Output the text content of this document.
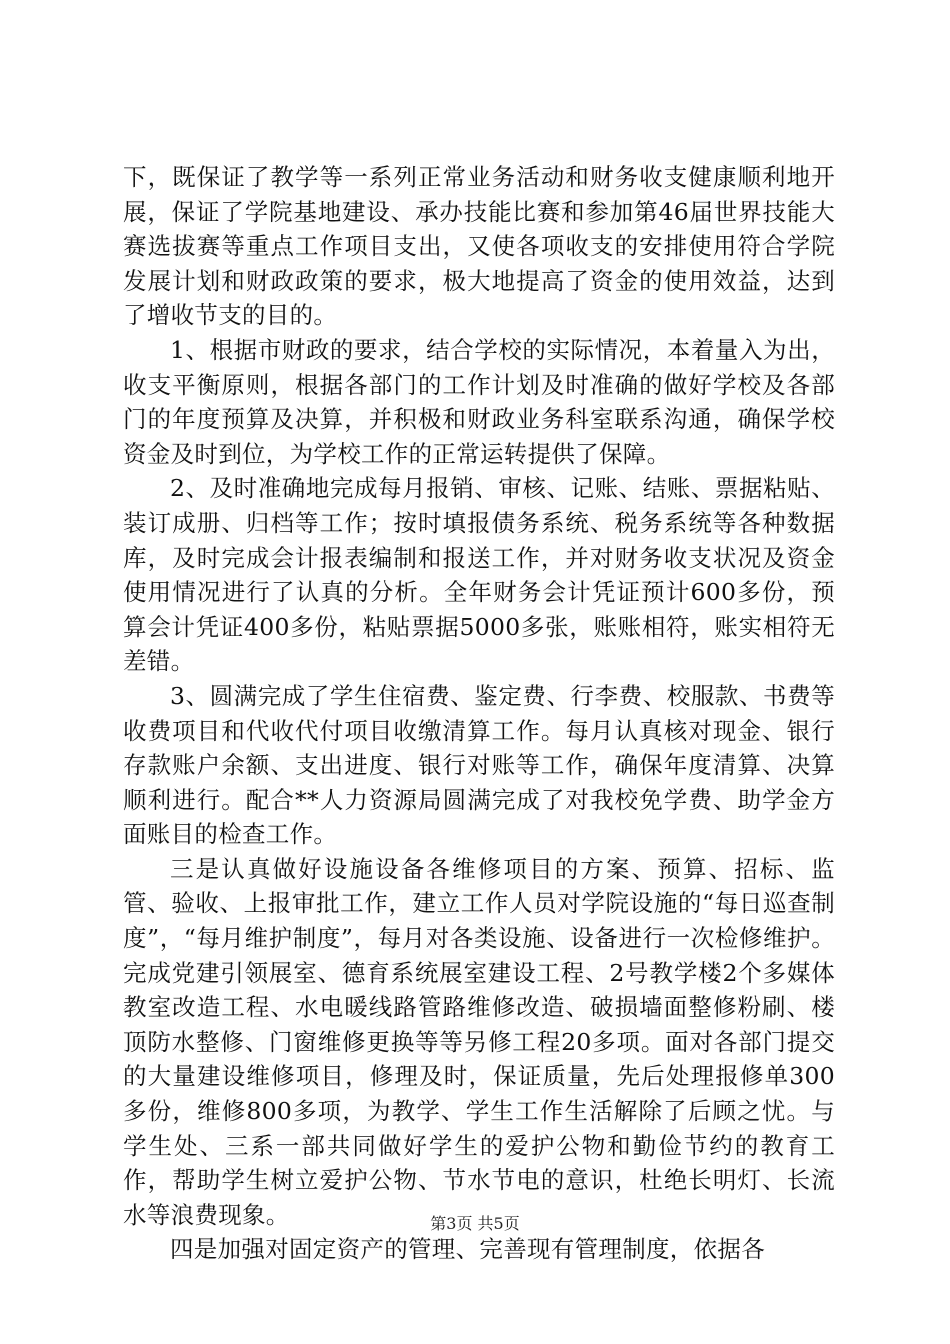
下，既保证了教学等一系列正常业务活动和财务收支健康顺利地开展，保证了学院基地建设、承办技能比赛和参加第46届世界技能大赛选拔赛等重点工作项目支出，又使各项收支的安排使用符合学院发展计划和财政政策的要求，极大地提高了资金的使用效益，达到了增收节支的目的。

1、根据市财政的要求，结合学校的实际情况，本着量入为出，收支平衡原则，根据各部门的工作计划及时准确的做好学校及各部门的年度预算及决算，并积极和财政业务科室联系沟通，确保学校资金及时到位，为学校工作的正常运转提供了保障。

2、及时准确地完成每月报销、审核、记账、结账、票据粘贴、装订成册、归档等工作；按时填报债务系统、税务系统等各种数据库，及时完成会计报表编制和报送工作，并对财务收支状况及资金使用情况进行了认真的分析。全年财务会计凭证预计600多份，预算会计凭证400多份，粘贴票据5000多张，账账相符，账实相符无差错。

3、圆满完成了学生住宿费、鉴定费、行李费、校服款、书费等收费项目和代收代付项目收缴清算工作。每月认真核对现金、银行存款账户余额、支出进度、银行对账等工作，确保年度清算、决算顺利进行。配合**人力资源局圆满完成了对我校免学费、助学金方面账目的检查工作。

三是认真做好设施设备各维修项目的方案、预算、招标、监管、验收、上报审批工作，建立工作人员对学院设施的“每日巡查制度”，“每月维护制度”，每月对各类设施、设备进行一次检修维护。完成党建引领展室、德育系统展室建设工程、2号教学楼2个多媒体教室改造工程、水电暖线路管路维修改造、破损墙面整修粉刷、楼顶防水整修、门窗维修更换等等另修工程20多项。面对各部门提交的大量建设维修项目，修理及时，保证质量，先后处理报修单300多份，维修800多项，为教学、学生工作生活解除了后顾之忧。与学生处、三系一部共同做好学生的爱护公物和勤俭节约的教育工作，帮助学生树立爱护公物、节水节电的意识，杜绝长明灯、长流水等浪费现象。

四是加强对固定资产的管理、完善现有管理制度，依据各

第3页 共5页
